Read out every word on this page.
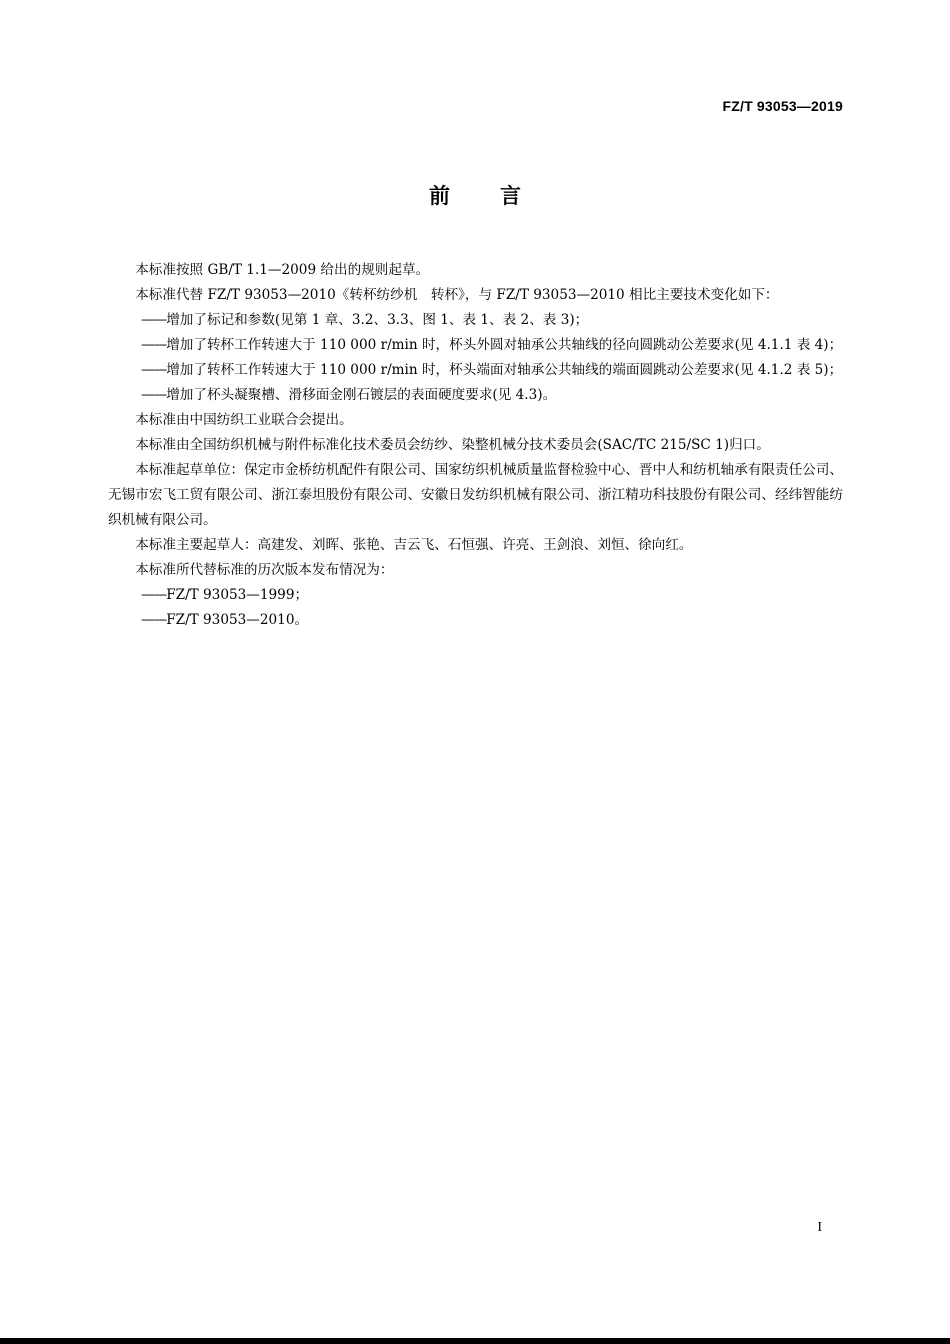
FZ/T 93053—2019
前言

本标准按照 GB/T 1.1—2009 给出的规则起草。

本标准代替 FZ/T 93053—2010《转杯纺纱机　转杯》，与 FZ/T 93053—2010 相比主要技术变化如下：

——增加了标记和参数(见第 1 章、3.2、3.3、图 1、表 1、表 2、表 3)；

——增加了转杯工作转速大于 110 000 r/min 时，杯头外圆对轴承公共轴线的径向圆跳动公差要求(见 4.1.1 表 4)；

——增加了转杯工作转速大于 110 000 r/min 时，杯头端面对轴承公共轴线的端面圆跳动公差要求(见 4.1.2 表 5)；

——增加了杯头凝聚槽、滑移面金刚石镀层的表面硬度要求(见 4.3)。

本标准由中国纺织工业联合会提出。

本标准由全国纺织机械与附件标准化技术委员会纺纱、染整机械分技术委员会(SAC/TC 215/SC 1)归口。

本标准起草单位：保定市金桥纺机配件有限公司、国家纺织机械质量监督检验中心、晋中人和纺机轴承有限责任公司、无锡市宏飞工贸有限公司、浙江泰坦股份有限公司、安徽日发纺织机械有限公司、浙江精功科技股份有限公司、经纬智能纺织机械有限公司。

本标准主要起草人：高建发、刘晖、张艳、吉云飞、石恒强、许亮、王剑浪、刘恒、徐向红。

本标准所代替标准的历次版本发布情况为：

——FZ/T 93053—1999；

——FZ/T 93053—2010。

I
